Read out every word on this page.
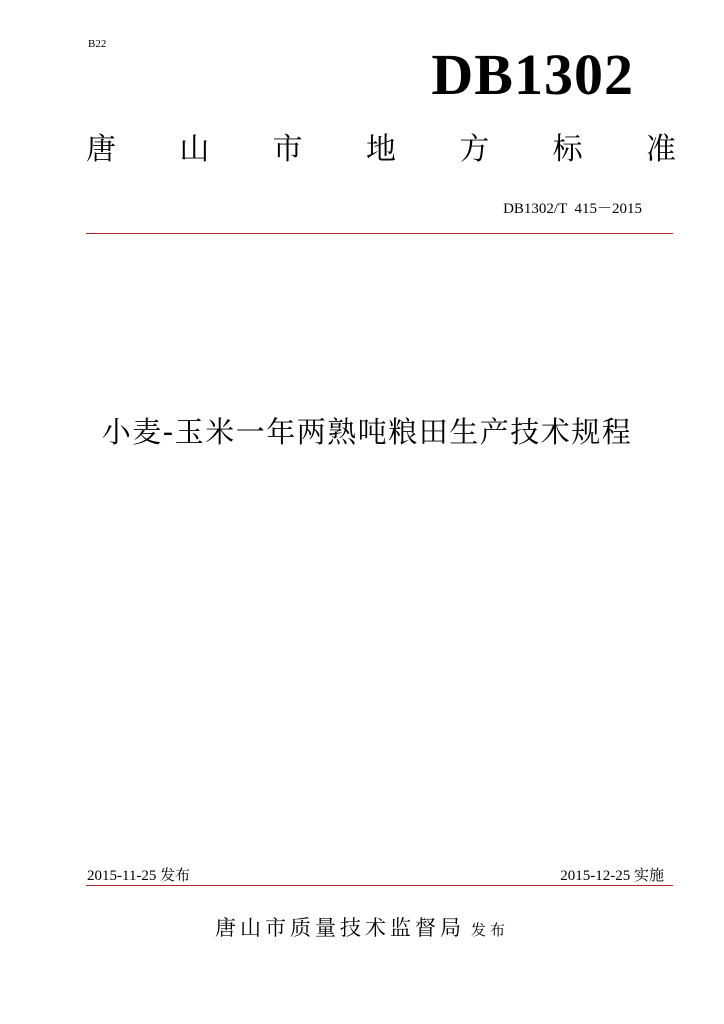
B22	DB1302
唐 山 市 地 方 标 准
DB1302/T  415－2015
小麦-玉米一年两熟吨粮田生产技术规程
2015-11-25 发布	2015-12-25 实施
唐山市质量技术监督局 发布
